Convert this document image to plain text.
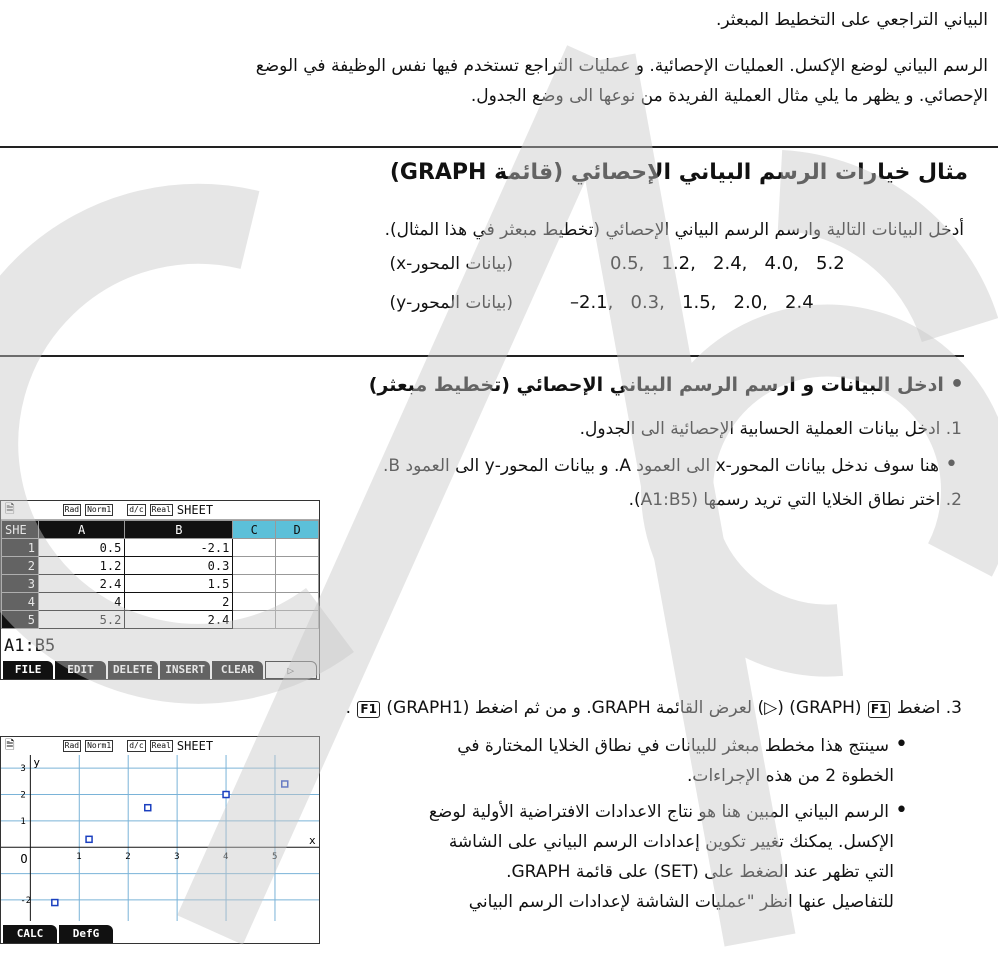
البياني التراجعي على التخطيط المبعثر.
الرسم البياني لوضع الإكسل. العمليات الإحصائية. و عمليات التراجع تستخدم فيها نفس الوظيفة في الوضع
الإحصائي. و يظهر ما يلي مثال العملية الفريدة من نوعها الى وضع الجدول.
مثال خيارات الرسم البياني الإحصائي (قائمة GRAPH)
أدخل البيانات التالية وارسم الرسم البياني الإحصائي (تخطيط مبعثر في هذا المثال).
(بيانات المحور-x)	0.5,   1.2,   2.4,   4.0,   5.2
(بيانات المحور-y)	–2.1,   0.3,   1.5,   2.0,   2.4
• ادخل البيانات و ارسم الرسم البياني الإحصائي (تخطيط مبعثر)
1. ادخل بيانات العملية الحسابية الإحصائية الى الجدول.
• هنا سوف ندخل بيانات المحور-x الى العمود A. و بيانات المحور-y الى العمود B.
2. اختر نطاق الخلايا التي تريد رسمها (A1:B5).
🗎	Rad Norm1 d/c Real SHEET
SHE	A	B	C	D
1	0.5	-2.1		
2	1.2	0.3		
3	2.4	1.5		
4	4	2		
5	5.2	2.4		
A1:B5
FILE	EDIT	DELETE	INSERT	CLEAR	▷
3. اضغط F1 (GRAPH) (▷) لعرض القائمة GRAPH. و من ثم اضغط (GRAPH1) F1 .
• سينتج هذا مخطط مبعثر للبيانات في نطاق الخلايا المختارة في
الخطوة 2 من هذه الإجراءات.
• الرسم البياني المبين هنا هو نتاج الاعدادات الافتراضية الأولية لوضع
الإكسل. يمكنك تغيير تكوين إعدادات الرسم البياني على الشاشة
التي تظهر عند الضغط على (SET) على قائمة GRAPH.
للتفاصيل عنها انظر "عمليات الشاشة لإعدادات الرسم البياني
🗎	Rad Norm1 d/c Real SHEET
1	2	3	4	5
3
2
1
-2
x
y
O
CALC	DefG
